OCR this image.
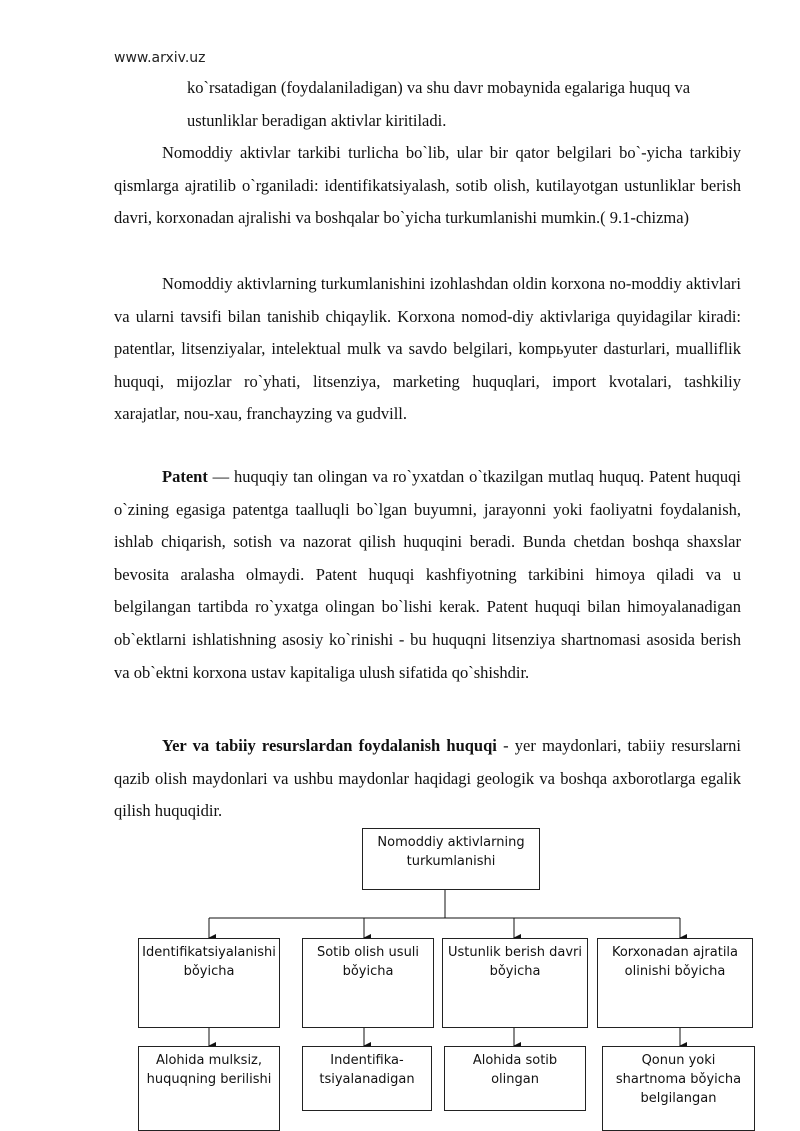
www.arxiv.uz

ko`rsatadigan (foydalaniladigan) va shu davr mobaynida egalariga huquq va ustunliklar beradigan aktivlar kiritiladi.

Nomoddiy aktivlar tarkibi turlicha bo`lib, ular bir qator belgilari bo`-yicha tarkibiy qismlarga ajratilib o`rganiladi: identifikatsiyalash, sotib olish, kutilayotgan ustunliklar berish davri, korxonadan ajralishi va boshqalar bo`yicha turkumlanishi mumkin.( 9.1-chizma)

Nomoddiy aktivlarning turkumlanishini izohlashdan oldin korxona no-moddiy aktivlari va ularni tavsifi bilan tanishib chiqaylik. Korxona nomod-diy aktivlariga quyidagilar kiradi: patentlar, litsenziyalar, intelektual mulk va savdo belgilari, kompьyuter dasturlari, mualliflik huquqi, mijozlar ro`yhati, litsenziya, marketing huquqlari, import kvotalari, tashkiliy xarajatlar, nou-xau, franchayzing va gudvill.

Patent — huquqiy tan olingan va ro`yxatdan o`tkazilgan mutlaq huquq. Patent huquqi o`zining egasiga patentga taalluqli bo`lgan buyumni, jarayonni yoki faoliyatni foydalanish, ishlab chiqarish, sotish va nazorat qilish huquqini beradi. Bunda chetdan boshqa shaxslar bevosita aralasha olmaydi. Patent huquqi kashfiyotning tarkibini himoya qiladi va u belgilangan tartibda ro`yxatga olingan bo`lishi kerak. Patent huquqi bilan himoyalanadigan ob`ektlarni ishlatishning asosiy ko`rinishi - bu huquqni litsenziya shartnomasi asosida berish va ob`ektni korxona ustav kapitaliga ulush sifatida qo`shishdir.

Yer va tabiiy resurslardan foydalanish huquqi - yer maydonlari, tabiiy resurslarni qazib olish maydonlari va ushbu maydonlar haqidagi geologik va boshqa axborotlarga egalik qilish huquqidir.

Nomoddiy aktivlarning turkumlanishi
Identifikatsiyalanishi bǒyicha
Sotib olish usuli bǒyicha
Ustunlik berish davri bǒyicha
Korxonadan ajratila olinishi bǒyicha
Alohida mulksiz, huquqning berilishi
Indentifika-tsiyalanadigan
Alohida sotib olingan
Qonun yoki shartnoma bǒyicha belgilangan
